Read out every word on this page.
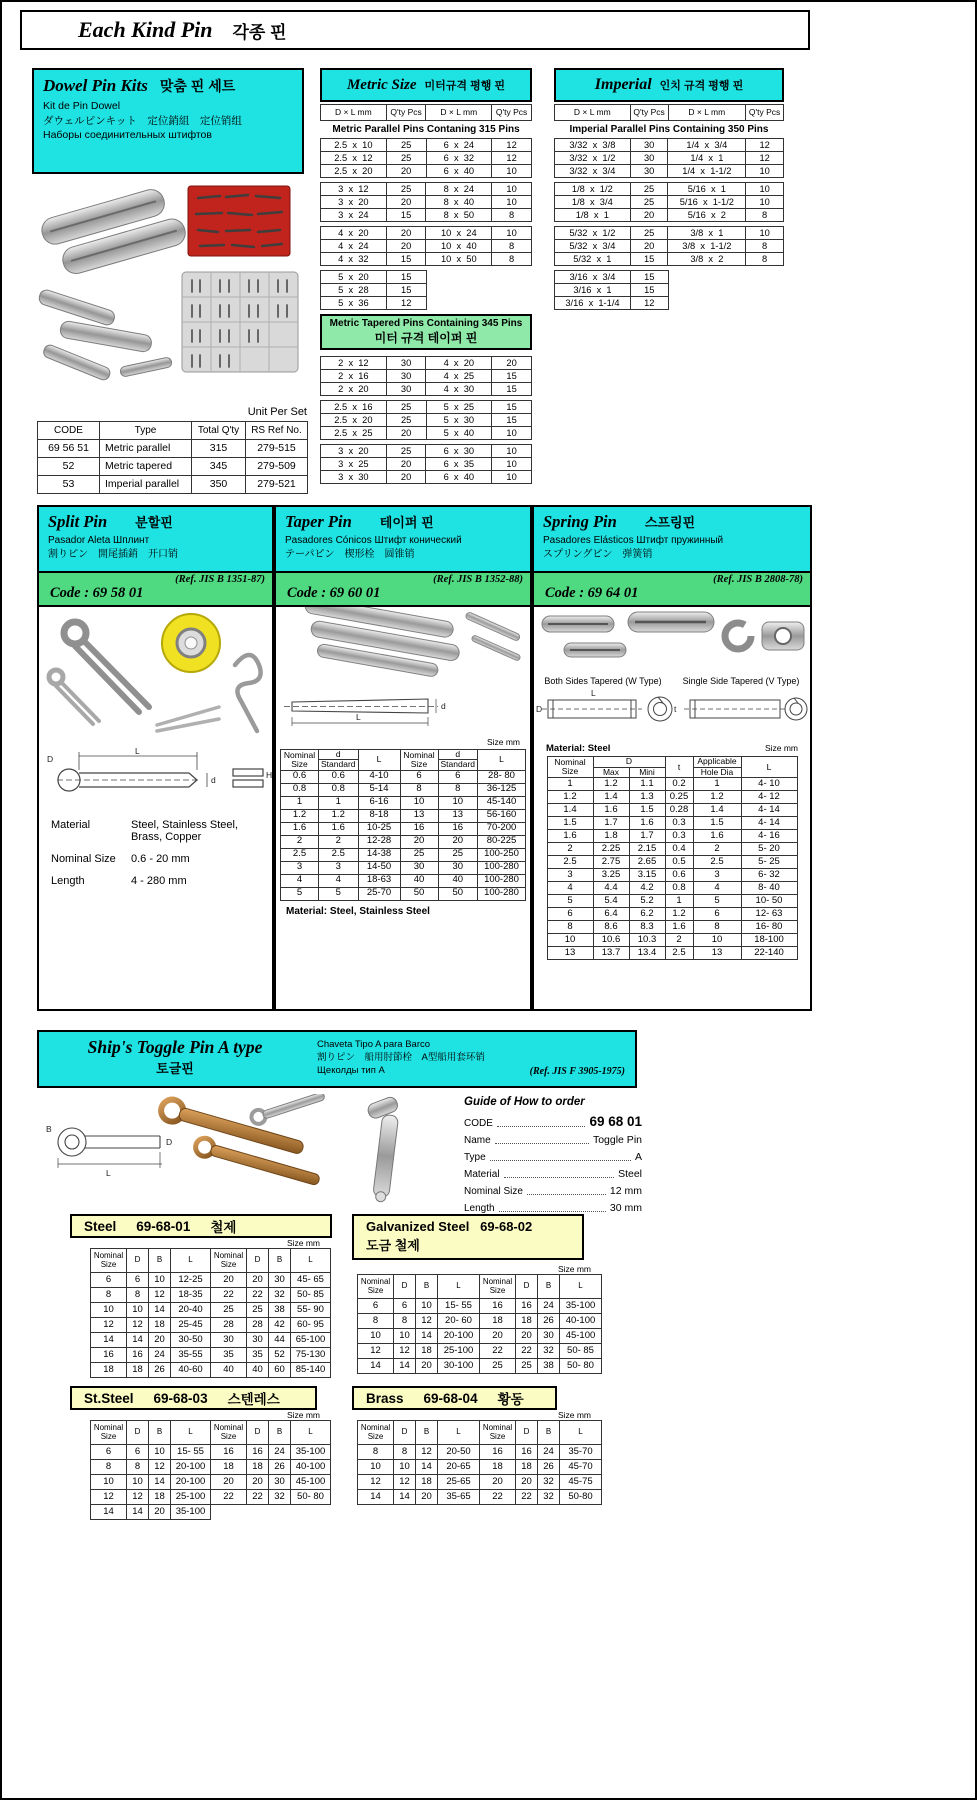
Each Kind Pin 각종 핀
Dowel Pin Kits 맞춤 핀 세트
Kit de Pin Dowel
ダウェルピンキット　定位銷組　定位销组
Наборы соединительных штифтов
Unit Per Set
CODE	Type	Total Q'ty	RS Ref No.
69 56 51	Metric parallel	315	279-515
52	Metric tapered	345	279-509
53	Imperial parallel	350	279-521
Metric Size 미터규격 평행 핀
D × L mm	Q'ty Pcs	D × L mm	Q'ty Pcs
Metric Parallel Pins Contaning 315 Pins
2.5  x  10	25	6  x  24	12
2.5  x  12	25	6  x  32	12
2.5  x  20	20	6  x  40	10
3  x  12	25	8  x  24	10
3  x  20	20	8  x  40	10
3  x  24	15	8  x  50	8
4  x  20	20	10  x  24	10
4  x  24	20	10  x  40	8
4  x  32	15	10  x  50	8
5  x  20	15
5  x  28	15
5  x  36	12
Metric Tapered Pins Containing 345 Pins
미터 규격 테이퍼 핀
2  x  12	30	4  x  20	20
2  x  16	30	4  x  25	15
2  x  20	30	4  x  30	15
2.5  x  16	25	5  x  25	15
2.5  x  20	25	5  x  30	15
2.5  x  25	20	5  x  40	10
3  x  20	25	6  x  30	10
3  x  25	20	6  x  35	10
3  x  30	20	6  x  40	10
Imperial 인치 규격 평행 핀
D × L mm	Q'ty Pcs	D × L mm	Q'ty Pcs
Imperial Parallel Pins Containing 350 Pins
3/32  x  3/8	30	1/4  x  3/4	12
3/32  x  1/2	30	1/4  x  1	12
3/32  x  3/4	30	1/4  x  1-1/2	10
1/8  x  1/2	25	5/16  x  1	10
1/8  x  3/4	25	5/16  x  1-1/2	10
1/8  x  1	20	5/16  x  2	8
5/32  x  1/2	25	3/8  x  1	10
5/32  x  3/4	20	3/8  x  1-1/2	8
5/32  x  1	15	3/8  x  2	8
3/16  x  3/4	15
3/16  x  1	15
3/16  x  1-1/4	12
Split Pin 분할핀
Pasador Aleta Шплинт
割りピン　開尾插銷　开口销
(Ref. JIS B 1351-87)
Code : 69 58 01

L
d
D
H
Material	Steel, Stainless Steel, Brass, Copper
Nominal Size	0.6 - 20 mm
Length	4 - 280 mm
Taper Pin 테이퍼 핀
Pasadores Cónicos Штифт конический
テーパピン　楔形栓　圆锥销
(Ref. JIS B 1352-88)
Code : 69 60 01

d
L
Size mm
Nominal Size	d	L	Nominal Size	d	L
	Standard			Standard	
0.6	0.6	4-10	6	6	28- 80
0.8	0.8	5-14	8	8	36-125
1	1	6-16	10	10	45-140
1.2	1.2	8-18	13	13	56-160
1.6	1.6	10-25	16	16	70-200
2	2	12-28	20	20	80-225
2.5	2.5	14-38	25	25	100-250
3	3	14-50	30	30	100-280
4	4	18-63	40	40	100-280
5	5	25-70	50	50	100-280
Material: Steel, Stainless Steel
Spring Pin 스프링핀
Pasadores Elásticos Штифт пружинный
スプリングピン　弹簧销
(Ref. JIS B 2808-78)
Code : 69 64 01
Both Sides Tapered (W Type)	Single Side Tapered (V Type)
L
D	t
Material: Steel	Size mm
Nominal Size	D		t	Applicable	L
	Max	Mini		Hole Dia	
1	1.2	1.1	0.2	1	4- 10
1.2	1.4	1.3	0.25	1.2	4- 12
1.4	1.6	1.5	0.28	1.4	4- 14
1.5	1.7	1.6	0.3	1.5	4- 14
1.6	1.8	1.7	0.3	1.6	4- 16
2	2.25	2.15	0.4	2	5- 20
2.5	2.75	2.65	0.5	2.5	5- 25
3	3.25	3.15	0.6	3	6- 32
4	4.4	4.2	0.8	4	8- 40
5	5.4	5.2	1	5	10- 50
6	6.4	6.2	1.2	6	12- 63
8	8.6	8.3	1.6	8	16- 80
10	10.6	10.3	2	10	18-100
13	13.7	13.4	2.5	13	22-140
Ship's Toggle Pin A type
토글핀
Chaveta Tipo A para Barco
割りピン　船用肘節栓　A型船用套环销
Щеколды тип A	(Ref. JIS F 3905-1975)
B
D
L
Guide of How to order
CODE	69 68 01
Name	Toggle Pin
Type	A
Material	Steel
Nominal Size	12 mm
Length	30 mm
Steel 69-68-01 철제
Size mm
Nominal Size	D	B	L	Nominal Size	D	B	L
6	6	10	12-25	20	20	30	45- 65
8	8	12	18-35	22	22	32	50- 85
10	10	14	20-40	25	25	38	55- 90
12	12	18	25-45	28	28	42	60- 95
14	14	20	30-50	30	30	44	65-100
16	16	24	35-55	35	35	52	75-130
18	18	26	40-60	40	40	60	85-140
Galvanized Steel 69-68-02
도금 철제
Size mm
Nominal Size	D	B	L	Nominal Size	D	B	L
6	6	10	15- 55	16	16	24	35-100
8	8	12	20- 60	18	18	26	40-100
10	10	14	20-100	20	20	30	45-100
12	12	18	25-100	22	22	32	50- 85
14	14	20	30-100	25	25	38	50- 80
St.Steel 69-68-03 스텐레스
Size mm
Nominal Size	D	B	L	Nominal Size	D	B	L
6	6	10	15- 55	16	16	24	35-100
8	8	12	20-100	18	18	26	40-100
10	10	14	20-100	20	20	30	45-100
12	12	18	25-100	22	22	32	50- 80
14	14	20	35-100				
Brass 69-68-04 황동
Size mm
Nominal Size	D	B	L	Nominal Size	D	B	L
8	8	12	20-50	16	16	24	35-70
10	10	14	20-65	18	18	26	45-70
12	12	18	25-65	20	20	32	45-75
14	14	20	35-65	22	22	32	50-80
